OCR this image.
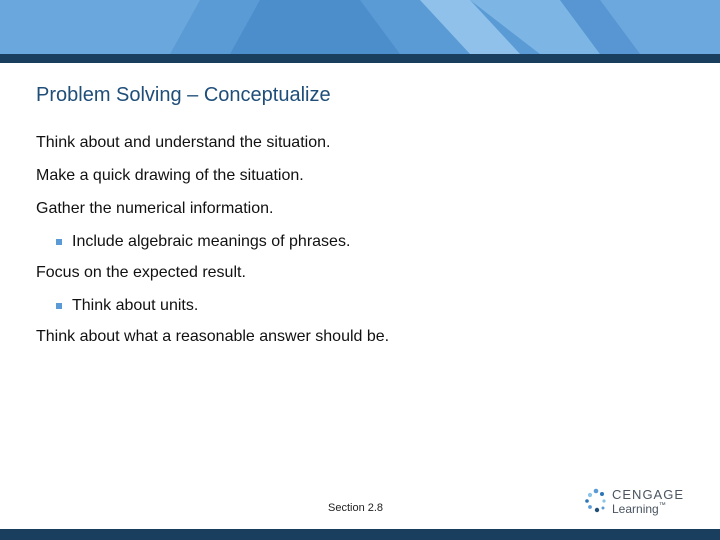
Problem Solving – Conceptualize
Think about and understand the situation.
Make a quick drawing of the situation.
Gather the numerical information.
Include algebraic meanings of phrases.
Focus on the expected result.
Think about units.
Think about what a reasonable answer should be.
Section 2.8
CENGAGE
Learning™
